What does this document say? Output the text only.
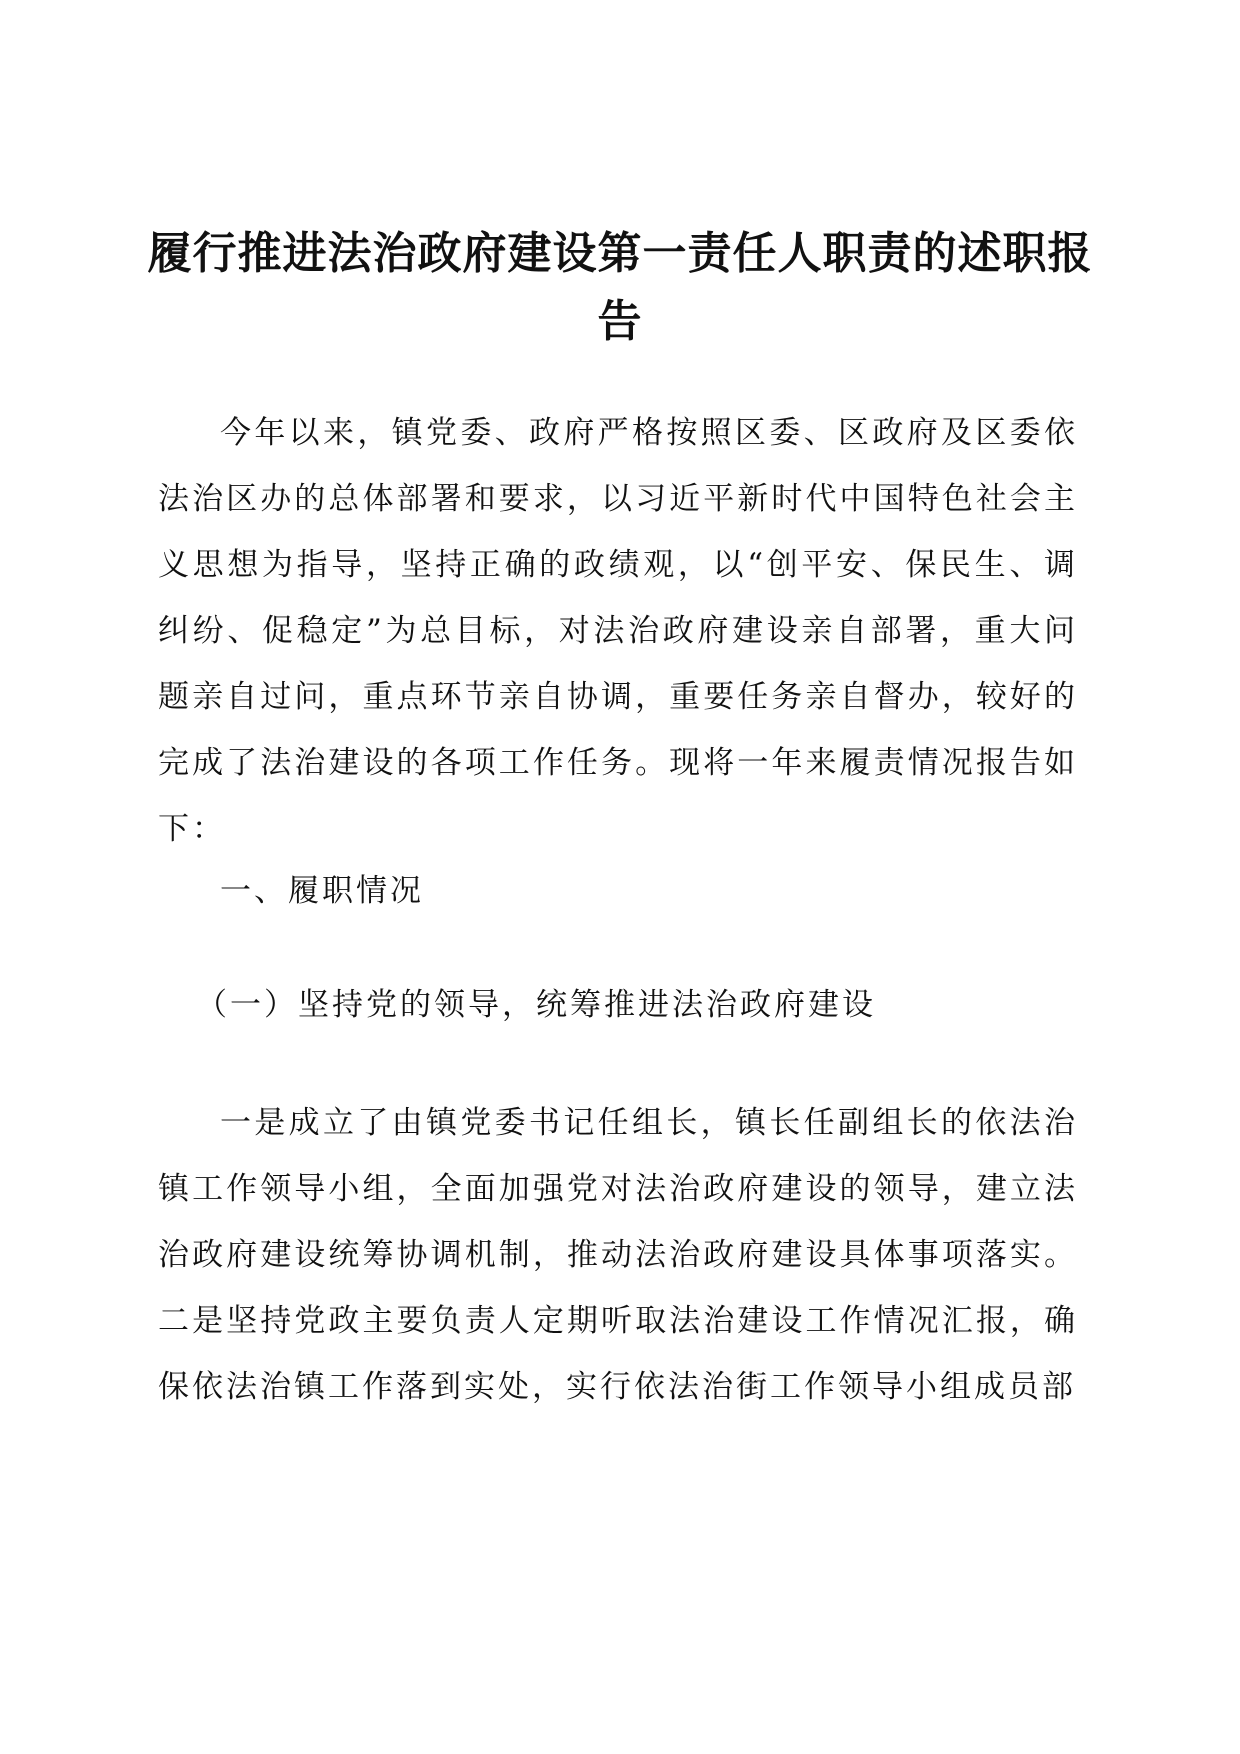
履行推进法治政府建设第一责任人职责的述职报告

今年以来，镇党委、政府严格按照区委、区政府及区委依法治区办的总体部署和要求，以习近平新时代中国特色社会主义思想为指导，坚持正确的政绩观，以“创平安、保民生、调纠纷、促稳定”为总目标，对法治政府建设亲自部署，重大问题亲自过问，重点环节亲自协调，重要任务亲自督办，较好的完成了法治建设的各项工作任务。现将一年来履责情况报告如下：

一、履职情况

（一）坚持党的领导，统筹推进法治政府建设

一是成立了由镇党委书记任组长，镇长任副组长的依法治镇工作领导小组，全面加强党对法治政府建设的领导，建立法治政府建设统筹协调机制，推动法治政府建设具体事项落实。二是坚持党政主要负责人定期听取法治建设工作情况汇报，确保依法治镇工作落到实处，实行依法治街工作领导小组成员部
